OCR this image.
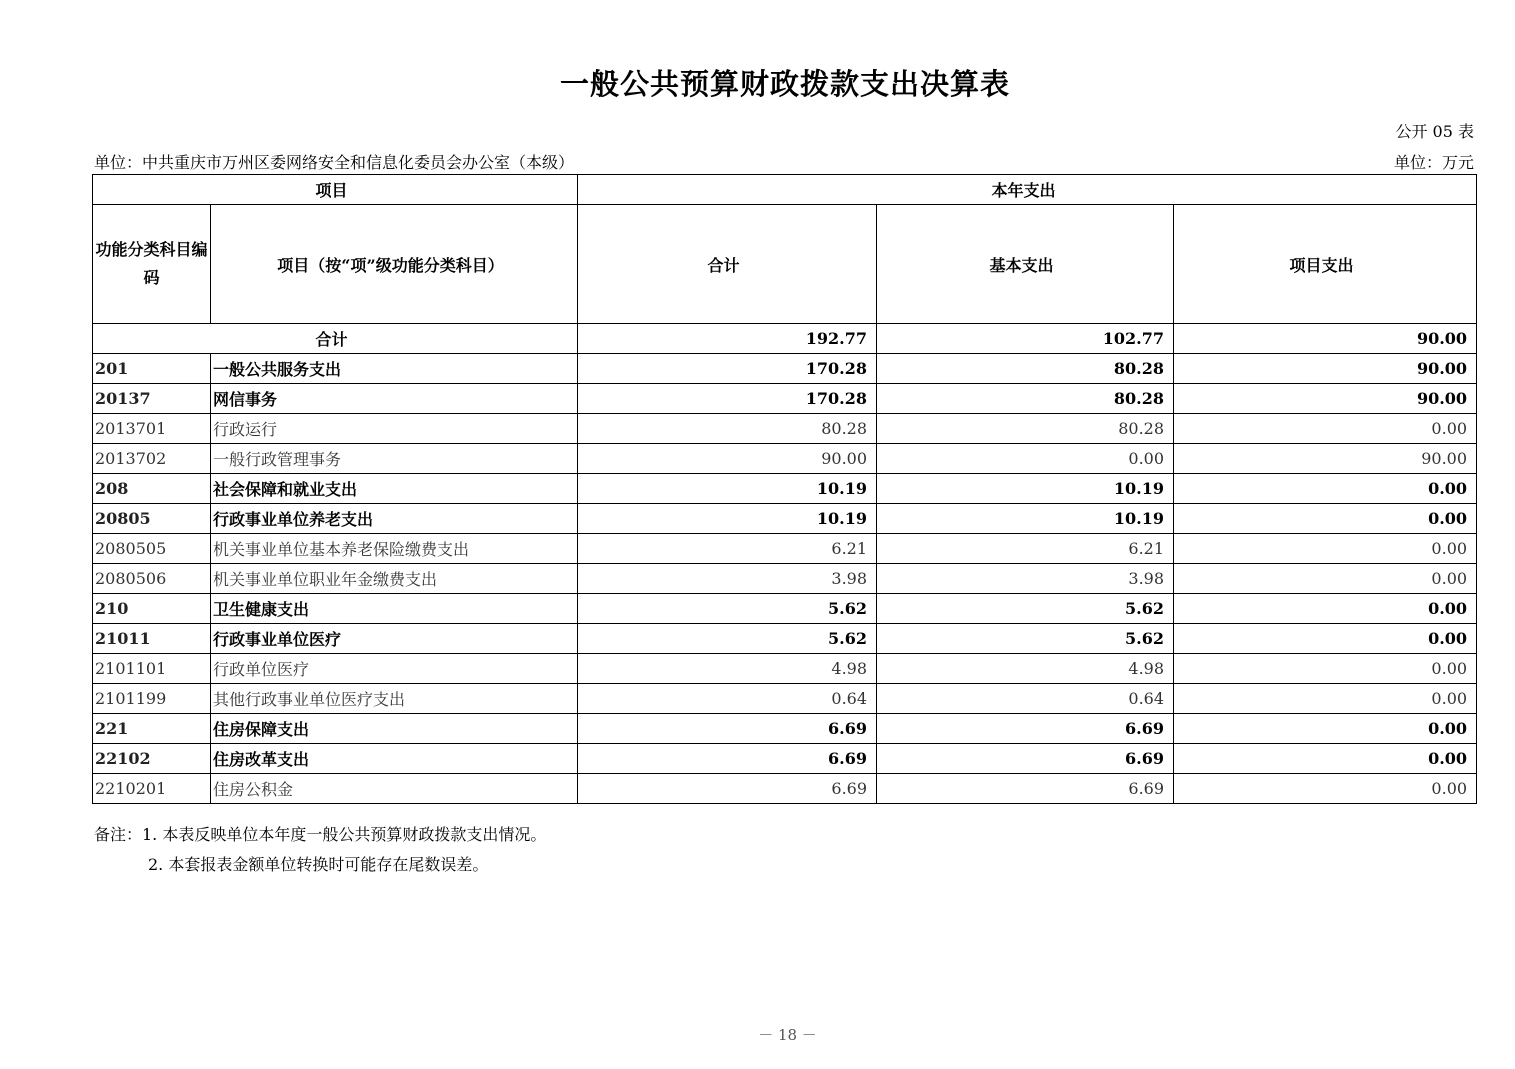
一般公共预算财政拨款支出决算表
公开 05 表
单位：中共重庆市万州区委网络安全和信息化委员会办公室（本级）	单位：万元
项目		本年支出		
功能分类科目编码	项目（按“项”级功能分类科目）	合计	基本支出	项目支出
合计		192.77	102.77	90.00
201	一般公共服务支出	170.28	80.28	90.00
20137	网信事务	170.28	80.28	90.00
2013701	行政运行	80.28	80.28	0.00
2013702	一般行政管理事务	90.00	0.00	90.00
208	社会保障和就业支出	10.19	10.19	0.00
20805	行政事业单位养老支出	10.19	10.19	0.00
2080505	机关事业单位基本养老保险缴费支出	6.21	6.21	0.00
2080506	机关事业单位职业年金缴费支出	3.98	3.98	0.00
210	卫生健康支出	5.62	5.62	0.00
21011	行政事业单位医疗	5.62	5.62	0.00
2101101	行政单位医疗	4.98	4.98	0.00
2101199	其他行政事业单位医疗支出	0.64	0.64	0.00
221	住房保障支出	6.69	6.69	0.00
22102	住房改革支出	6.69	6.69	0.00
2210201	住房公积金	6.69	6.69	0.00
备注：1. 本表反映单位本年度一般公共预算财政拨款支出情况。
2. 本套报表金额单位转换时可能存在尾数误差。
－ 18 －
